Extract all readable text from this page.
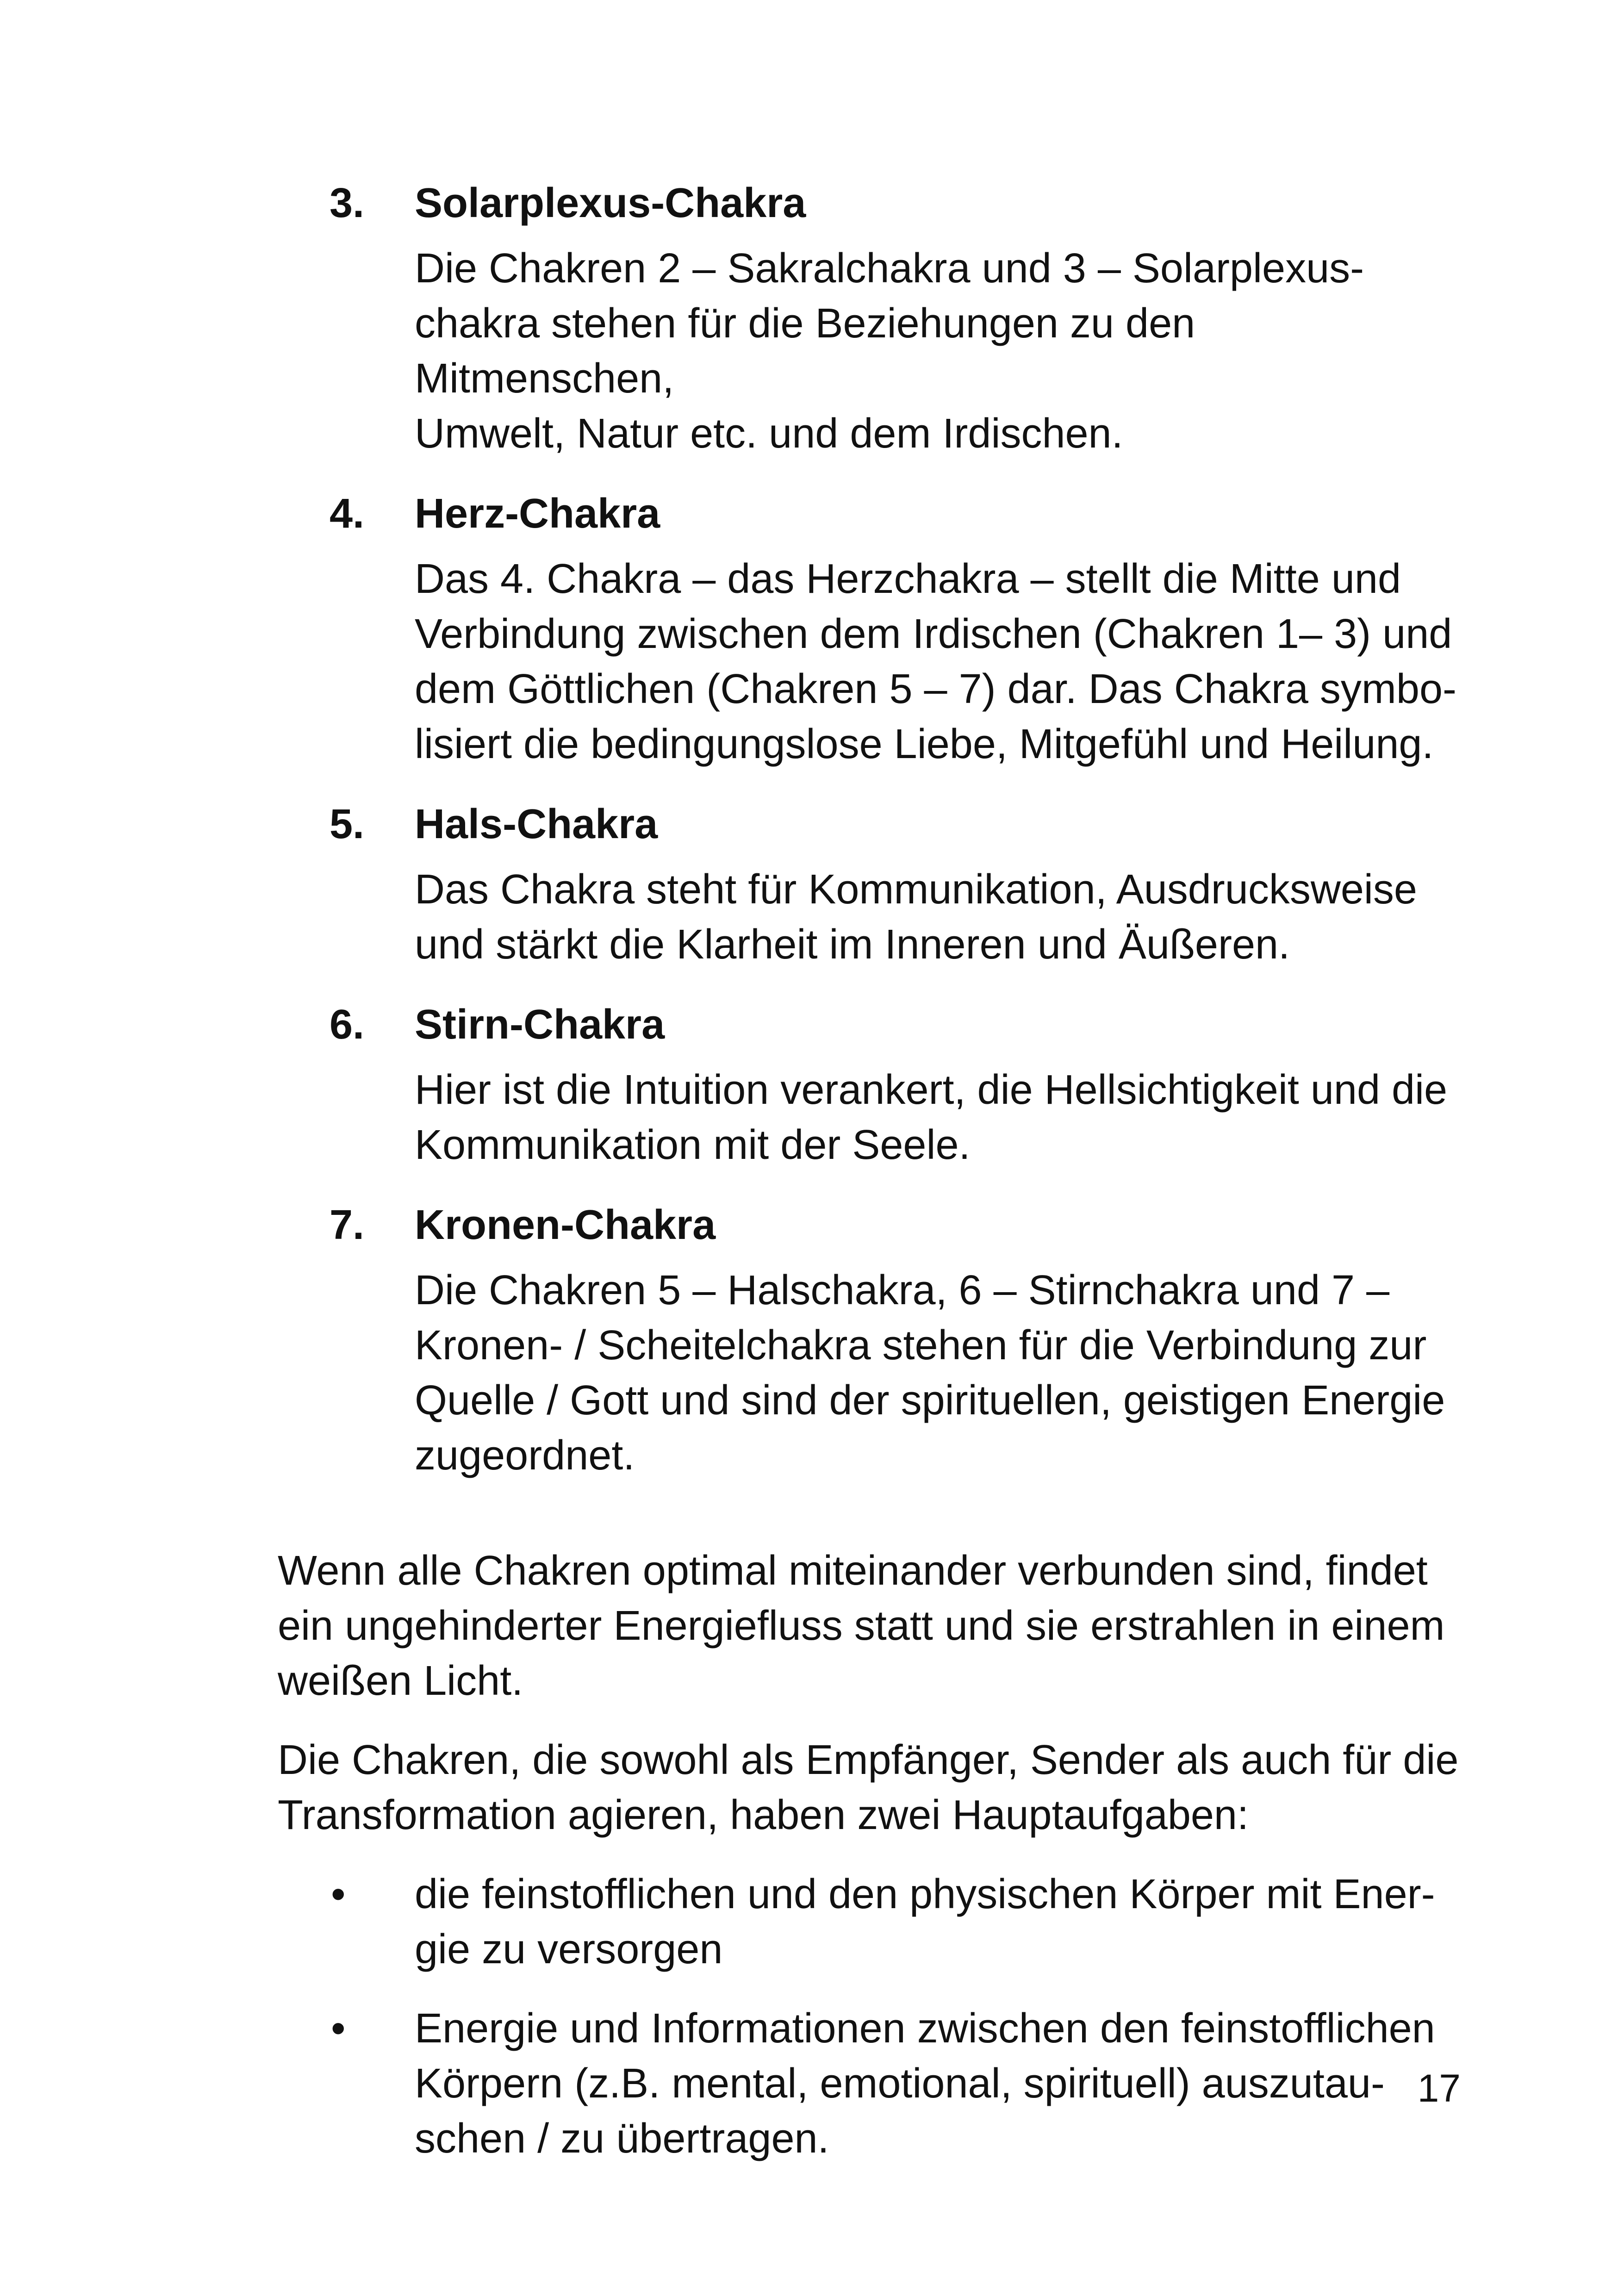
3. Solarplexus-Chakra

Die Chakren 2 – Sakralchakra und 3 – Solarplexus-
chakra stehen für die Beziehungen zu den Mitmenschen,
Umwelt, Natur etc. und dem Irdischen.

4. Herz-Chakra

Das 4. Chakra – das Herzchakra – stellt die Mitte und
Verbindung zwischen dem Irdischen (Chakren 1– 3) und
dem Göttlichen (Chakren 5 – 7) dar. Das Chakra symbo-
lisiert die bedingungslose Liebe, Mitgefühl und Heilung.

5. Hals-Chakra

Das Chakra steht für Kommunikation, Ausdrucksweise
und stärkt die Klarheit im Inneren und Äußeren.

6. Stirn-Chakra

Hier ist die Intuition verankert, die Hellsichtigkeit und die
Kommunikation mit der Seele.

7. Kronen-Chakra

Die Chakren 5 – Halschakra, 6 – Stirnchakra und 7 –
Kronen- / Scheitelchakra stehen für die Verbindung zur
Quelle / Gott und sind der spirituellen, geistigen Energie
zugeordnet.

Wenn alle Chakren optimal miteinander verbunden sind, findet
ein ungehinderter Energiefluss statt und sie erstrahlen in einem
weißen Licht.

Die Chakren, die sowohl als Empfänger, Sender als auch für die
Transformation agieren, haben zwei Hauptaufgaben:

• die feinstofflichen und den physischen Körper mit Ener-
gie zu versorgen
• Energie und Informationen zwischen den feinstofflichen
Körpern (z.B. mental, emotional, spirituell) auszutau-
schen / zu übertragen.
17
